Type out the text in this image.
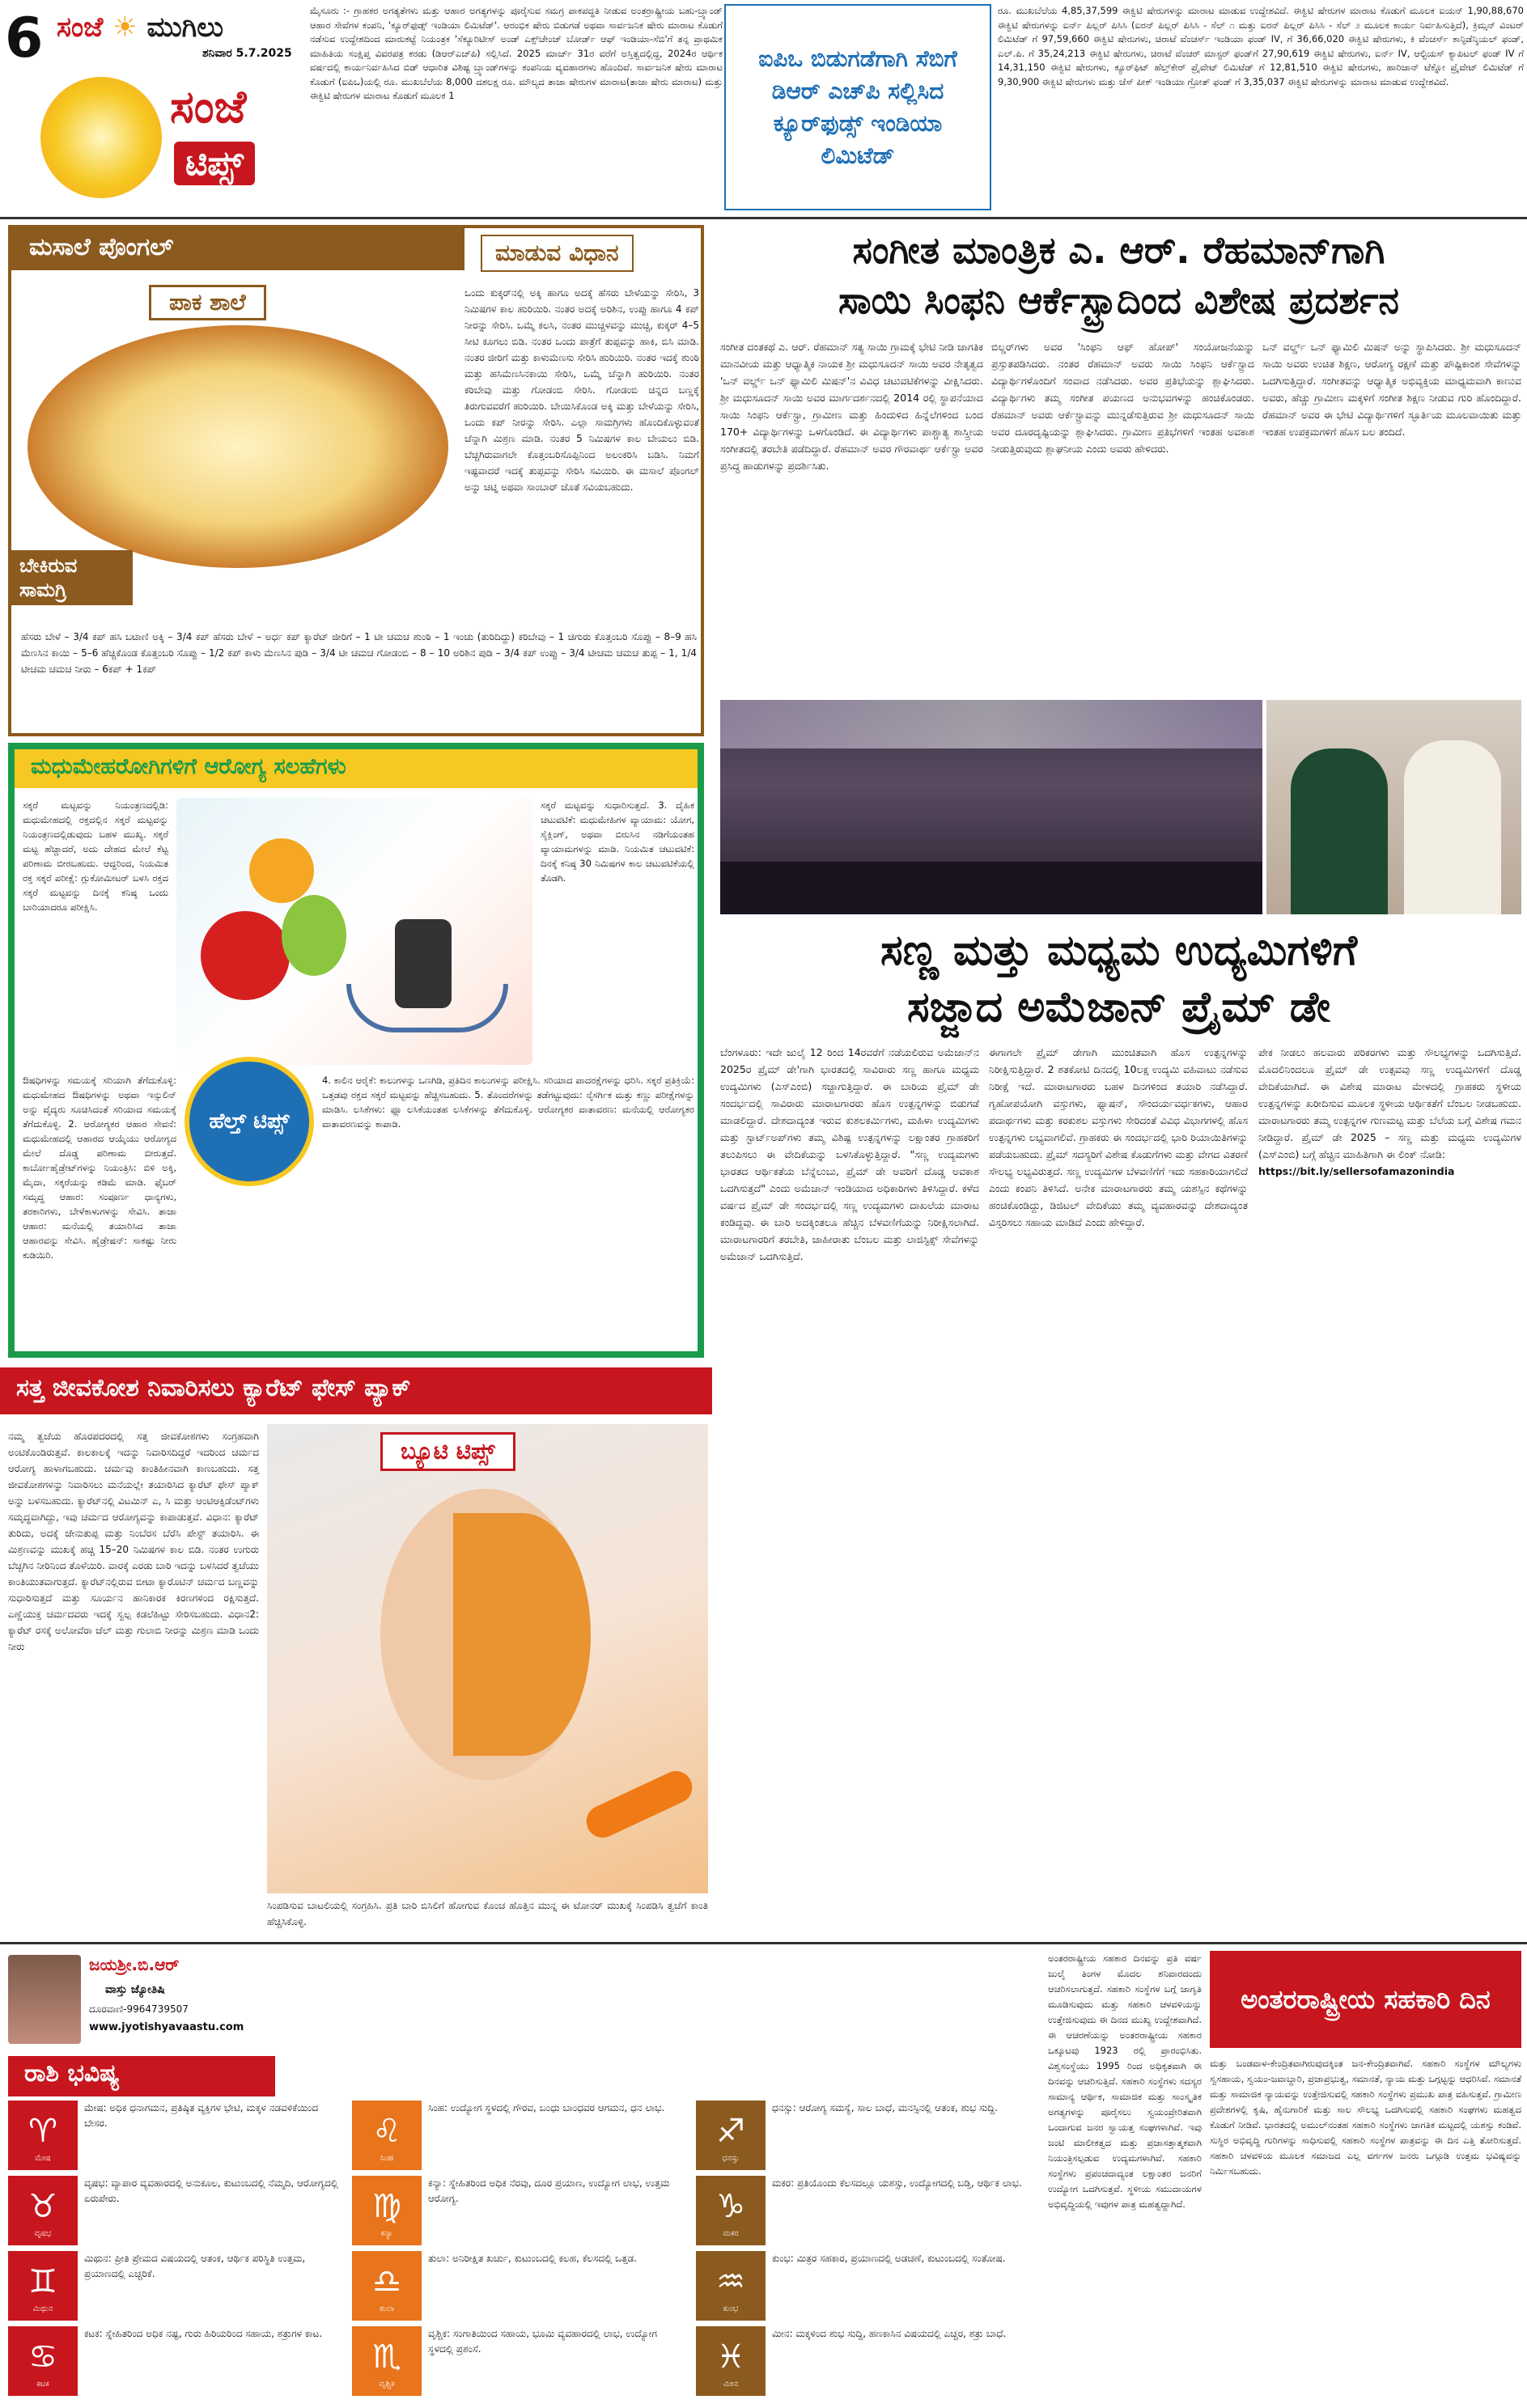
6 ಸಂಜೆ ☀ ಮುಗಿಲು
ಶನಿವಾರ 5.7.2025
ಸಂಜೆ
ಟಿಪ್ಸ್
ಮೈಸೂರು :- ಗ್ರಾಹಕರ ಅಗತ್ಯತೆಗಳು ಮತ್ತು ಆಹಾರ ಅಗತ್ಯಗಳನ್ನು ಪೂರೈಸುವ ಸಮಗ್ರ ಪಾಕಪದ್ಧತಿ ನೀಡುವ ಅಂತರ್ರಾಷ್ಟ್ರೀಯ ಬಹು-ಬ್ರ್ಯಾಂಡ್ ಆಹಾರ ಸೇವೆಗಳ ಕಂಪನಿ, 'ಕ್ಯೂರ್‌ಫುಡ್ಸ್ ಇಂಡಿಯಾ ಲಿಮಿಟೆಡ್'. ಆರಂಭಿಕ ಷೇರು ಬಿಡುಗಡೆ ಅಥವಾ ಸಾರ್ವಜನಿಕ ಷೇರು ಮಾರಾಟ ಕೊಡುಗೆ ನಡೆಸುವ ಉದ್ದೇಶದಿಂದ ಮಾರುಕಟ್ಟೆ ನಿಯಂತ್ರಕ 'ಸೆಕ್ಯೂರಿಟೀಸ್ ಅಂಡ್ ಎಕ್ಸ್‌ಚೇಂಜ್ ಬೋರ್ಡ್ ಆಫ್ ಇಂಡಿಯಾ-ಸೆಬಿ'ಗೆ ತನ್ನ ಪ್ರಾಥಮಿಕ ಮಾಹಿತಿಯ ಸಂಕ್ಷಿಪ್ತ ವಿವರಪತ್ರ ಕರಡು (ಡಿಆರ್‌ಎಚ್‌ಪಿ) ಸಲ್ಲಿಸಿದೆ. 2025 ಮಾರ್ಚ್ 31ರ ವರೆಗೆ ಅಸ್ತಿತ್ವದಲ್ಲಿದ್ದ, 2024ರ ಆರ್ಥಿಕ ವರ್ಷದಲ್ಲಿ ಕಾರ್ಯನಿರ್ವಹಿಸಿದ ಬಿಡ್ ಆಧಾರಿತ ವಿಶಿಷ್ಟ ಬ್ರ್ಯಾಂಡ್‌ಗಳನ್ನು ಕಂಪನಿಯ ವ್ಯವಹಾರಗಳು ಹೊಂದಿವೆ. ಸಾರ್ವಜನಿಕ ಷೇರು ಮಾರಾಟ ಕೊಡುಗೆ (ಐಪಿಒ)ಯಲ್ಲಿ ರೂ. ಮುಖಬೆಲೆಯ 8,000 ದಶಲಕ್ಷ ರೂ. ಮೌಲ್ಯದ ತಾಜಾ ಷೇರುಗಳ ಮಾರಾಟ(ತಾಜಾ ಷೇರು ಮಾರಾಟ) ಮತ್ತು ಈಕ್ವಿಟಿ ಷೇರುಗಳ ಮಾರಾಟ ಕೊಡುಗೆ ಮೂಲಕ 1
ಐಪಿಒ ಬಿಡುಗಡೆಗಾಗಿ ಸೆಬಿಗೆ ಡಿಆರ್ ಎಚ್‌ಪಿ ಸಲ್ಲಿಸಿದ ಕ್ಯೂರ್‌ಫುಡ್ಸ್ ಇಂಡಿಯಾ ಲಿಮಿಟೆಡ್
ರೂ. ಮುಖಬೆಲೆಯ 4,85,37,599 ಈಕ್ವಿಟಿ ಷೇರುಗಳನ್ನು ಮಾರಾಟ ಮಾಡುವ ಉದ್ದೇಶವಿದೆ. ಈಕ್ವಿಟಿ ಷೇರುಗಳ ಮಾರಾಟ ಕೊಡುಗೆ ಮೂಲಕ ಐಯನ್ 1,90,88,670 ಈಕ್ವಿಟಿ ಷೇರುಗಳನ್ನು ಐರ್ನ್ ಪಿಲ್ಲರ್ ಪಿಸಿಸಿ (ಐರನ್ ಪಿಲ್ಲರ್ ಪಿಸಿಸಿ - ಸೆಲ್ ೧ ಮತ್ತು ಐರನ್ ಪಿಲ್ಲರ್ ಪಿಸಿಸಿ - ಸೆಲ್ ೨ ಮೂಲಕ ಕಾರ್ಯ ನಿರ್ವಹಿಸುತ್ತಿದೆ), ಕ್ರಿಮ್ಸನ್ ವಿಂಟರ್ ಲಿಮಿಟೆಡ್ ಗೆ 97,59,660 ಈಕ್ವಿಟಿ ಷೇರುಗಳು, ಚಿರಾಟೆ ವೆಂಚರ್ಸ್ ಇಂಡಿಯಾ ಫಂಡ್ IV, ಗೆ 36,66,020 ಈಕ್ವಿಟಿ ಷೇರುಗಳು, ಕಿ ವೆಂಚರ್ಸ್ ಕಾನ್ಫಿಡೆನ್ಶಿಯಲ್ ಫಂಡ್, ಎಲ್.ಪಿ. ಗೆ 35,24,213 ಈಕ್ವಿಟಿ ಷೇರುಗಳು, ಚಿರಾಟೆ ವೆಂಚರ್ ಮಾಸ್ಟರ್ ಫಂಡ್‌ಗೆ 27,90,619 ಈಕ್ವಿಟಿ ಷೇರುಗಳು, ಐರ್ನ್ IV, ಆಲ್ಟಿಯಸ್ ಕ್ಯಾಪಿಟಲ್ ಫಂಡ್ IV ಗೆ 14,31,150 ಈಕ್ವಿಟಿ ಷೇರುಗಳು, ಕ್ಯೂರ್‌ಫಿಟ್ ಹೆಲ್ತ್‌ಕೇರ್ ಪ್ರೈವೇಟ್ ಲಿಮಿಟೆಡ್ ಗೆ 12,81,510 ಈಕ್ವಿಟಿ ಷೇರುಗಳು, ಹಾರಿಜಾನ್ ಟೆಕ್ನೋ ಪ್ರೈವೇಟ್ ಲಿಮಿಟೆಡ್ ಗೆ 9,30,900 ಈಕ್ವಿಟಿ ಷೇರುಗಳು ಮತ್ತು ಜೆಸ್ ಪೀಕ್ ಇಂಡಿಯಾ ಗ್ರೋತ್ ಫಂಡ್ ಗೆ 3,35,037 ಈಕ್ವಿಟಿ ಷೇರುಗಳನ್ನು ಮಾರಾಟ ಮಾಡುವ ಉದ್ದೇಶವಿದೆ.
ಮಸಾಲೆ ಪೊಂಗಲ್	ಮಾಡುವ ವಿಧಾನ
ಪಾಕ ಶಾಲೆ
ಬೇಕಿರುವ ಸಾಮಗ್ರಿ
ಒಂದು ಕುಕ್ಕರ್‌ನಲ್ಲಿ ಅಕ್ಕಿ ಹಾಗೂ ಅದಕ್ಕೆ ಹೆಸರು ಬೇಳೆಯನ್ನು ಸೇರಿಸಿ, 3 ನಿಮಿಷಗಳ ಕಾಲ ಹುರಿಯಿರಿ. ನಂತರ ಅದಕ್ಕೆ ಅರಿಶಿನ, ಉಪ್ಪು ಹಾಗೂ 4 ಕಪ್ ನೀರನ್ನು ಸೇರಿಸಿ. ಒಮ್ಮೆ ಕಲಸಿ, ನಂತರ ಮುಚ್ಚಳವನ್ನು ಮುಚ್ಚಿ, ಕುಕ್ಕರ್ 4–5 ಸೀಟಿ ಕೂಗಲು ಬಿಡಿ. ನಂತರ ಒಂದು ಪಾತ್ರೆಗೆ ತುಪ್ಪವನ್ನು ಹಾಕಿ, ಬಿಸಿ ಮಾಡಿ. ನಂತರ ಜೀರಿಗೆ ಮತ್ತು ಕಾಳುಮೆಣಸು ಸೇರಿಸಿ ಹುರಿಯಿರಿ. ನಂತರ ಇದಕ್ಕೆ ಶುಂಠಿ ಮತ್ತು ಹಸಿಮೆಣಸಿನಕಾಯಿ ಸೇರಿಸಿ, ಒಮ್ಮೆ ಚೆನ್ನಾಗಿ ಹುರಿಯಿರಿ. ನಂತರ ಕರಿಬೇವು ಮತ್ತು ಗೋಡಂಬಿ ಸೇರಿಸಿ. ಗೋಡಂಬಿ ಚಿನ್ನದ ಬಣ್ಣಕ್ಕೆ ತಿರುಗುವವರೆಗೆ ಹುರಿಯಿರಿ. ಬೇಯಿಸಿಕೊಂಡ ಅಕ್ಕಿ ಮತ್ತು ಬೇಳೆಯನ್ನು ಸೇರಿಸಿ, ಒಂದು ಕಪ್ ನೀರನ್ನು ಸೇರಿಸಿ. ಎಲ್ಲಾ ಸಾಮಗ್ರಿಗಳು ಹೊಂದಿಕೊಳ್ಳುವಂತೆ ಚೆನ್ನಾಗಿ ಮಿಶ್ರಣ ಮಾಡಿ. ನಂತರ 5 ನಿಮಿಷಗಳ ಕಾಲ ಬೇಯಲು ಬಿಡಿ. ಬೆಚ್ಚಗಿರುವಾಗಲೇ ಕೊತ್ತಂಬರಿಸೊಪ್ಪಿನಿಂದ ಅಲಂಕರಿಸಿ ಬಡಿಸಿ. ನಿಮಗೆ ಇಷ್ಟವಾದರೆ ಇದಕ್ಕೆ ತುಪ್ಪವನ್ನು ಸೇರಿಸಿ ಸವಿಯಿರಿ. ಈ ಮಸಾಲೆ ಪೊಂಗಲ್ ಅನ್ನು ಚಟ್ನಿ ಅಥವಾ ಸಾಂಬಾರ್ ಜೊತೆ ಸವಿಯಬಹುದು.
ಹೆಸರು ಬೇಳೆ – 3/4 ಕಪ್ ಹಸಿ ಬಟಾಣಿ ಅಕ್ಕಿ – 3/4 ಕಪ್ ಹೆಸರು ಬೇಳೆ – ಅರ್ಧ ಕಪ್ ಕ್ಯಾರೆಟ್ ಜೀರಿಗೆ – 1 ಟೀ ಚಮಚ ಶುಂಠಿ – 1 ಇಂಚು (ತುರಿದಿದ್ದು) ಕರಿಬೇವು – 1 ಚಿಗುರು ಕೊತ್ತಂಬರಿ ಸೊಪ್ಪು – 8–9 ಹಸಿ ಮೆಣಸಿನ ಕಾಯಿ – 5–6 ಹೆಚ್ಚಿಕೊಂಡ ಕೊತ್ತಂಬರಿ ಸೊಪ್ಪು – 1/2 ಕಪ್ ಕಾಳು ಮೆಣಸಿನ ಪುಡಿ – 3/4 ಟೀ ಚಮಚ ಗೋಡಂಬಿ – 8 – 10 ಅರಿಶಿನ ಪುಡಿ – 3/4 ಕಪ್ ಉಪ್ಪು – 3/4 ಟೀಚಮ ಚಮಚ ತುಪ್ಪ – 1, 1/4 ಟೀಚಮ ಚಮಚ ನೀರು – 6ಕಪ್ + 1ಕಪ್
ಮಧುಮೇಹರೋಗಿಗಳಿಗೆ ಆರೋಗ್ಯ ಸಲಹೆಗಳು
ಸಕ್ಕರೆ ಮಟ್ಟವನ್ನು ನಿಯಂತ್ರಣದಲ್ಲಿಡಿ: ಮಧುಮೇಹದಲ್ಲಿ ರಕ್ತದಲ್ಲಿನ ಸಕ್ಕರೆ ಮಟ್ಟವನ್ನು ನಿಯಂತ್ರಣದಲ್ಲಿಡುವುದು ಬಹಳ ಮುಖ್ಯ. ಸಕ್ಕರೆ ಮಟ್ಟ ಹೆಚ್ಚಾದರೆ, ಅದು ದೇಹದ ಮೇಲೆ ಕೆಟ್ಟ ಪರಿಣಾಮ ಬೀರಬಹುದು. ಆದ್ದರಿಂದ, ನಿಯಮಿತ ರಕ್ತ ಸಕ್ಕರೆ ಪರೀಕ್ಷೆ: ಗ್ಲುಕೋಮೀಟರ್ ಬಳಸಿ ರಕ್ತದ ಸಕ್ಕರೆ ಮಟ್ಟವನ್ನು ದಿನಕ್ಕೆ ಕನಿಷ್ಠ ಒಂದು ಬಾರಿಯಾದರೂ ಪರೀಕ್ಷಿಸಿ.
ಸಕ್ಕರೆ ಮಟ್ಟವನ್ನು ಸುಧಾರಿಸುತ್ತದೆ. 3. ದೈಹಿಕ ಚಟುವಟಿಕೆ: ಮಧುಮೇಹಿಗಳ ವ್ಯಾಯಾಮ: ಯೋಗ, ಸೈಕ್ಲಿಂಗ್, ಅಥವಾ ಬಿರುಸಿನ ನಡಿಗೆಯಂತಹ ವ್ಯಾಯಾಮಗಳನ್ನು ಮಾಡಿ. ನಿಯಮಿತ ಚಟುವಟಿಕೆ: ದಿನಕ್ಕೆ ಕನಿಷ್ಠ 30 ನಿಮಿಷಗಳ ಕಾಲ ಚಟುವಟಿಕೆಯಲ್ಲಿ ತೊಡಗಿ.
ಹೆಲ್ತ್ ಟಿಪ್ಸ್
ಔಷಧಿಗಳನ್ನು ಸಮಯಕ್ಕೆ ಸರಿಯಾಗಿ ತೆಗೆದುಕೊಳ್ಳಿ: ಮಧುಮೇಹದ ಔಷಧಿಗಳನ್ನು ಅಥವಾ ಇನ್ಸುಲಿನ್ ಅನ್ನು ವೈದ್ಯರು ಸೂಚಿಸಿದಂತೆ ಸರಿಯಾದ ಸಮಯಕ್ಕೆ ತೆಗೆದುಕೊಳ್ಳಿ. 2. ಆರೋಗ್ಯಕರ ಆಹಾರ ಸೇವನೆ: ಮಧುಮೇಹದಲ್ಲಿ ಆಹಾರದ ಆಯ್ಕೆಯು ಆರೋಗ್ಯದ ಮೇಲೆ ದೊಡ್ಡ ಪರಿಣಾಮ ಬೀರುತ್ತದೆ. ಕಾರ್ಬೋಹೈಡ್ರೇಟ್‌ಗಳನ್ನು ನಿಯಂತ್ರಿಸಿ: ಬಿಳಿ ಅಕ್ಕಿ, ಮೈದಾ, ಸಕ್ಕರೆಯನ್ನು ಕಡಿಮೆ ಮಾಡಿ. ಫೈಬರ್ ಸಮೃದ್ಧ ಆಹಾರ: ಸಂಪೂರ್ಣ ಧಾನ್ಯಗಳು, ತರಕಾರಿಗಳು, ಬೇಳೆಕಾಳುಗಳನ್ನು ಸೇವಿಸಿ. ತಾಜಾ ಆಹಾರ: ಮನೆಯಲ್ಲಿ ತಯಾರಿಸಿದ ತಾಜಾ ಆಹಾರವನ್ನು ಸೇವಿಸಿ. ಹೈಡ್ರೇಷನ್: ಸಾಕಷ್ಟು ನೀರು ಕುಡಿಯಿರಿ.
4. ಕಾಲಿನ ಆರೈಕೆ: ಕಾಲುಗಳನ್ನು ಒಣಗಿಡಿ, ಪ್ರತಿದಿನ ಕಾಲುಗಳನ್ನು ಪರೀಕ್ಷಿಸಿ. ಸರಿಯಾದ ಪಾದರಕ್ಷೆಗಳನ್ನು ಧರಿಸಿ. ಸಕ್ಕರೆ ಪ್ರತಿಕ್ರಿಯೆ: ಒತ್ತಡವು ರಕ್ತದ ಸಕ್ಕರೆ ಮಟ್ಟವನ್ನು ಹೆಚ್ಚಿಸಬಹುದು. 5. ತೊಂದರೆಗಳನ್ನು ತಡೆಗಟ್ಟುವುದು: ನೈಸರ್ಗಿಕ ಮತ್ತು ಕಣ್ಣು ಪರೀಕ್ಷೆಗಳನ್ನು ಮಾಡಿಸಿ. ಲಸಿಕೆಗಳು: ಫ್ಲೂ ಲಸಿಕೆಯಂತಹ ಲಸಿಕೆಗಳನ್ನು ತೆಗೆದುಕೊಳ್ಳಿ. ಆರೋಗ್ಯಕರ ವಾತಾವರಣ: ಮನೆಯಲ್ಲಿ ಆರೋಗ್ಯಕರ ವಾತಾವರಣವನ್ನು ಕಾಪಾಡಿ.
ಸತ್ತ ಜೀವಕೋಶ ನಿವಾರಿಸಲು ಕ್ಯಾರೆಟ್ ಫೇಸ್ ಪ್ಯಾಕ್
ನಮ್ಮ ತ್ವಚೆಯ ಹೊರಪದರದಲ್ಲಿ ಸತ್ತ ಜೀವಕೋಶಗಳು ಸಂಗ್ರಹವಾಗಿ ಅಂಟಿಕೊಂಡಿರುತ್ತವೆ. ಕಾಲಕಾಲಕ್ಕೆ ಇದನ್ನು ನಿವಾರಿಸದಿದ್ದರೆ ಇದರಿಂದ ಚರ್ಮದ ಆರೋಗ್ಯ ಹಾಳಾಗಬಹುದು. ಚರ್ಮವು ಕಾಂತಿಹೀನವಾಗಿ ಕಾಣಬಹುದು. ಸತ್ತ ಜೀವಕೋಶಗಳನ್ನು ನಿವಾರಿಸಲು ಮನೆಯಲ್ಲೇ ತಯಾರಿಸಿದ ಕ್ಯಾರೆಟ್ ಫೇಸ್ ಪ್ಯಾಕ್ ಅನ್ನು ಬಳಸಬಹುದು. ಕ್ಯಾರೆಟ್‌ನಲ್ಲಿ ವಿಟಮಿನ್ ಎ, ಸಿ ಮತ್ತು ಆಂಟಿಆಕ್ಸಿಡೆಂಟ್‌ಗಳು ಸಮೃದ್ಧವಾಗಿದ್ದು, ಇವು ಚರ್ಮದ ಆರೋಗ್ಯವನ್ನು ಕಾಪಾಡುತ್ತವೆ. ವಿಧಾನ: ಕ್ಯಾರೆಟ್ ತುರಿದು, ಅದಕ್ಕೆ ಜೇನುತುಪ್ಪ ಮತ್ತು ನಿಂಬೆರಸ ಬೆರೆಸಿ ಪೇಸ್ಟ್ ತಯಾರಿಸಿ. ಈ ಮಿಶ್ರಣವನ್ನು ಮುಖಕ್ಕೆ ಹಚ್ಚಿ 15–20 ನಿಮಿಷಗಳ ಕಾಲ ಬಿಡಿ. ನಂತರ ಉಗುರು ಬೆಚ್ಚಗಿನ ನೀರಿನಿಂದ ತೊಳೆಯಿರಿ. ವಾರಕ್ಕೆ ಎರಡು ಬಾರಿ ಇದನ್ನು ಬಳಸಿದರೆ ತ್ವಚೆಯು ಕಾಂತಿಯುತವಾಗುತ್ತದೆ. ಕ್ಯಾರೆಟ್‌ನಲ್ಲಿರುವ ಬೀಟಾ ಕ್ಯಾರೊಟಿನ್ ಚರ್ಮದ ಬಣ್ಣವನ್ನು ಸುಧಾರಿಸುತ್ತದೆ ಮತ್ತು ಸೂರ್ಯನ ಹಾನಿಕಾರಕ ಕಿರಣಗಳಿಂದ ರಕ್ಷಿಸುತ್ತದೆ. ಎಣ್ಣೆಯುಕ್ತ ಚರ್ಮದವರು ಇದಕ್ಕೆ ಸ್ವಲ್ಪ ಕಡಲೆಹಿಟ್ಟು ಸೇರಿಸಬಹುದು. ವಿಧಾನ2: ಕ್ಯಾರೆಟ್ ರಸಕ್ಕೆ ಅಲೋವೆರಾ ಜೆಲ್ ಮತ್ತು ಗುಲಾಬಿ ನೀರನ್ನು ಮಿಶ್ರಣ ಮಾಡಿ ಒಂದು ನೀರು
ಬ್ಯೂಟಿ ಟಿಪ್ಸ್
ಸಿಂಪಡಿಸುವ ಬಾಟಲಿಯಲ್ಲಿ ಸಂಗ್ರಹಿಸಿ. ಪ್ರತಿ ಬಾರಿ ಬಿಸಿಲಿಗೆ ಹೋಗುವ ಕೊಂಚ ಹೊತ್ತಿನ ಮುನ್ನ ಈ ಟೋನರ್ ಮುಖಕ್ಕೆ ಸಿಂಪಡಿಸಿ ತ್ವಚೆಗೆ ಕಾಂತಿ ಹೆಚ್ಚಿಸಿಕೊಳ್ಳಿ.
ಸಂಗೀತ ಮಾಂತ್ರಿಕ ಎ. ಆರ್. ರೆಹಮಾನ್‌ಗಾಗಿ
ಸಾಯಿ ಸಿಂಫನಿ ಆರ್ಕೆಸ್ಟ್ರಾದಿಂದ ವಿಶೇಷ ಪ್ರದರ್ಶನ
ಸಂಗೀತ ದಂತಕಥೆ ಎ. ಆರ್. ರೆಹಮಾನ್ ಸತ್ಯ ಸಾಯಿ ಗ್ರಾಮಕ್ಕೆ ಭೇಟಿ ನೀಡಿ ಜಾಗತಿಕ ಮಾನವೀಯ ಮತ್ತು ಆಧ್ಯಾತ್ಮಿಕ ನಾಯಕ ಶ್ರೀ ಮಧುಸೂದನ್ ಸಾಯಿ ಅವರ ನೇತೃತ್ವದ 'ಒನ್ ವರ್ಲ್ಡ್ ಒನ್ ಫ್ಯಾಮಿಲಿ ಮಿಷನ್'ನ ವಿವಿಧ ಚಟುವಟಿಕೆಗಳನ್ನು ವೀಕ್ಷಿಸಿದರು. ಶ್ರೀ ಮಧುಸೂದನ್ ಸಾಯಿ ಅವರ ಮಾರ್ಗದರ್ಶನದಲ್ಲಿ 2014 ರಲ್ಲಿ ಸ್ಥಾಪನೆಯಾದ ಸಾಯಿ ಸಿಂಫನಿ ಆರ್ಕೆಸ್ಟ್ರಾ, ಗ್ರಾಮೀಣ ಮತ್ತು ಹಿಂದುಳಿದ ಹಿನ್ನೆಲೆಗಳಿಂದ ಬಂದ 170+ ವಿದ್ಯಾರ್ಥಿಗಳನ್ನು ಒಳಗೊಂಡಿದೆ. ಈ ವಿದ್ಯಾರ್ಥಿಗಳು ಪಾಶ್ಚಾತ್ಯ ಶಾಸ್ತ್ರೀಯ ಸಂಗೀತದಲ್ಲಿ ತರಬೇತಿ ಪಡೆದಿದ್ದಾರೆ. ರೆಹಮಾನ್ ಅವರ ಗೌರವಾರ್ಥ ಆರ್ಕೆಸ್ಟ್ರಾ ಅವರ ಪ್ರಸಿದ್ಧ ಹಾಡುಗಳನ್ನು ಪ್ರದರ್ಶಿಸಿತು.
ಬಿಲ್ಡರ್‌ಗಳು ಅವರ 'ಸಿಂಫನಿ ಆಫ್ ಹೋಪ್' ಸಂಯೋಜನೆಯನ್ನು ಪ್ರಸ್ತುತಪಡಿಸಿದರು. ನಂತರ ರೆಹಮಾನ್ ಅವರು ಸಾಯಿ ಸಿಂಫನಿ ಆರ್ಕೆಸ್ಟ್ರಾದ ವಿದ್ಯಾರ್ಥಿಗಳೊಂದಿಗೆ ಸಂವಾದ ನಡೆಸಿದರು. ಅವರ ಪ್ರತಿಭೆಯನ್ನು ಶ್ಲಾಘಿಸಿದರು. ವಿದ್ಯಾರ್ಥಿಗಳು ತಮ್ಮ ಸಂಗೀತ ಪಯಣದ ಅನುಭವಗಳನ್ನು ಹಂಚಿಕೊಂಡರು. ರೆಹಮಾನ್ ಅವರು ಆರ್ಕೆಸ್ಟ್ರಾವನ್ನು ಮುನ್ನಡೆಸುತ್ತಿರುವ ಶ್ರೀ ಮಧುಸೂದನ್ ಸಾಯಿ ಅವರ ದೂರದೃಷ್ಟಿಯನ್ನು ಶ್ಲಾಘಿಸಿದರು. ಗ್ರಾಮೀಣ ಪ್ರತಿಭೆಗಳಿಗೆ ಇಂತಹ ಅವಕಾಶ ನೀಡುತ್ತಿರುವುದು ಶ್ಲಾಘನೀಯ ಎಂದು ಅವರು ಹೇಳಿದರು.
ಒನ್ ವರ್ಲ್ಡ್ ಒನ್ ಫ್ಯಾಮಿಲಿ ಮಿಷನ್ ಅನ್ನು ಸ್ಥಾಪಿಸಿದರು. ಶ್ರೀ ಮಧುಸೂದನ್ ಸಾಯಿ ಅವರು ಉಚಿತ ಶಿಕ್ಷಣ, ಆರೋಗ್ಯ ರಕ್ಷಣೆ ಮತ್ತು ಪೌಷ್ಟಿಕಾಂಶ ಸೇವೆಗಳನ್ನು ಒದಗಿಸುತ್ತಿದ್ದಾರೆ. ಸಂಗೀತವನ್ನು ಆಧ್ಯಾತ್ಮಿಕ ಅಭಿವ್ಯಕ್ತಿಯ ಮಾಧ್ಯಮವಾಗಿ ಕಾಣುವ ಅವರು, ಹೆಚ್ಚು ಗ್ರಾಮೀಣ ಮಕ್ಕಳಿಗೆ ಸಂಗೀತ ಶಿಕ್ಷಣ ನೀಡುವ ಗುರಿ ಹೊಂದಿದ್ದಾರೆ. ರೆಹಮಾನ್ ಅವರ ಈ ಭೇಟಿ ವಿದ್ಯಾರ್ಥಿಗಳಿಗೆ ಸ್ಫೂರ್ತಿಯ ಮೂಲವಾಯಿತು ಮತ್ತು ಇಂತಹ ಉಪಕ್ರಮಗಳಿಗೆ ಹೊಸ ಬಲ ತಂದಿದೆ.
ಸಣ್ಣ ಮತ್ತು ಮಧ್ಯಮ ಉದ್ಯಮಿಗಳಿಗೆ
ಸಜ್ಜಾದ ಅಮೆಜಾನ್ ಪ್ರೈಮ್ ಡೇ
ಬೆಂಗಳೂರು: ಇದೇ ಜುಲೈ 12 ರಿಂದ 14ರವರೆಗೆ ನಡೆಯಲಿರುವ ಅಮೆಜಾನ್‌ನ 2025ರ ಪ್ರೈಮ್ ಡೇ'ಗಾಗಿ ಭಾರತದಲ್ಲಿ ಸಾವಿರಾರು ಸಣ್ಣ ಹಾಗೂ ಮಧ್ಯಮ ಉದ್ಯಮಿಗಳು (ಎಸ್‌ಎಂಬಿ) ಸಜ್ಜಾಗುತ್ತಿದ್ದಾರೆ. ಈ ಬಾರಿಯ ಪ್ರೈಮ್ ಡೇ ಸಂದರ್ಭದಲ್ಲಿ ಸಾವಿರಾರು ಮಾರಾಟಗಾರರು ಹೊಸ ಉತ್ಪನ್ನಗಳನ್ನು ಬಿಡುಗಡೆ ಮಾಡಲಿದ್ದಾರೆ. ದೇಶದಾದ್ಯಂತ ಇರುವ ಕುಶಲಕರ್ಮಿಗಳು, ಮಹಿಳಾ ಉದ್ಯಮಿಗಳು ಮತ್ತು ಸ್ಟಾರ್ಟ್‌ಅಪ್‌ಗಳು ತಮ್ಮ ವಿಶಿಷ್ಟ ಉತ್ಪನ್ನಗಳನ್ನು ಲಕ್ಷಾಂತರ ಗ್ರಾಹಕರಿಗೆ ತಲುಪಿಸಲು ಈ ವೇದಿಕೆಯನ್ನು ಬಳಸಿಕೊಳ್ಳುತ್ತಿದ್ದಾರೆ. "ಸಣ್ಣ ಉದ್ಯಮಗಳು ಭಾರತದ ಆರ್ಥಿಕತೆಯ ಬೆನ್ನೆಲುಬು, ಪ್ರೈಮ್ ಡೇ ಅವರಿಗೆ ದೊಡ್ಡ ಅವಕಾಶ ಒದಗಿಸುತ್ತದೆ" ಎಂದು ಅಮೆಜಾನ್ ಇಂಡಿಯಾದ ಅಧಿಕಾರಿಗಳು ತಿಳಿಸಿದ್ದಾರೆ. ಕಳೆದ ವರ್ಷದ ಪ್ರೈಮ್ ಡೇ ಸಂದರ್ಭದಲ್ಲಿ ಸಣ್ಣ ಉದ್ಯಮಗಳು ದಾಖಲೆಯ ಮಾರಾಟ ಕಂಡಿದ್ದವು. ಈ ಬಾರಿ ಅದಕ್ಕಿಂತಲೂ ಹೆಚ್ಚಿನ ಬೆಳವಣಿಗೆಯನ್ನು ನಿರೀಕ್ಷಿಸಲಾಗಿದೆ. ಮಾರಾಟಗಾರರಿಗೆ ತರಬೇತಿ, ಜಾಹೀರಾತು ಬೆಂಬಲ ಮತ್ತು ಲಾಜಿಸ್ಟಿಕ್ಸ್ ಸೇವೆಗಳನ್ನು ಅಮೆಜಾನ್ ಒದಗಿಸುತ್ತಿದೆ.
ಈಗಾಗಲೇ ಪ್ರೈಮ್ ಡೇಗಾಗಿ ಮುಂಚಿತವಾಗಿ ಹೊಸ ಉತ್ಪನ್ನಗಳನ್ನು ನಿರೀಕ್ಷಿಸುತ್ತಿದ್ದಾರೆ. 2 ಶತಕೋಟಿ ದಿನದಲ್ಲಿ 10ಲಕ್ಷ ಉದ್ಯಮಿ ವಹಿವಾಟು ನಡೆಸುವ ನಿರೀಕ್ಷೆ ಇದೆ. ಮಾರಾಟಗಾರರು ಬಹಳ ದಿನಗಳಿಂದ ತಯಾರಿ ನಡೆಸಿದ್ದಾರೆ. ಗೃಹೋಪಯೋಗಿ ವಸ್ತುಗಳು, ಫ್ಯಾಷನ್, ಸೌಂದರ್ಯವರ್ಧಕಗಳು, ಆಹಾರ ಪದಾರ್ಥಗಳು ಮತ್ತು ಕರಕುಶಲ ವಸ್ತುಗಳು ಸೇರಿದಂತೆ ವಿವಿಧ ವಿಭಾಗಗಳಲ್ಲಿ ಹೊಸ ಉತ್ಪನ್ನಗಳು ಲಭ್ಯವಾಗಲಿವೆ. ಗ್ರಾಹಕರು ಈ ಸಂದರ್ಭದಲ್ಲಿ ಭಾರಿ ರಿಯಾಯಿತಿಗಳನ್ನು ಪಡೆಯಬಹುದು. ಪ್ರೈಮ್ ಸದಸ್ಯರಿಗೆ ವಿಶೇಷ ಕೊಡುಗೆಗಳು ಮತ್ತು ವೇಗದ ವಿತರಣೆ ಸೌಲಭ್ಯ ಲಭ್ಯವಿರುತ್ತದೆ. ಸಣ್ಣ ಉದ್ಯಮಿಗಳ ಬೆಳವಣಿಗೆಗೆ ಇದು ಸಹಕಾರಿಯಾಗಲಿದೆ ಎಂದು ಕಂಪನಿ ತಿಳಿಸಿದೆ. ಅನೇಕ ಮಾರಾಟಗಾರರು ತಮ್ಮ ಯಶಸ್ಸಿನ ಕಥೆಗಳನ್ನು ಹಂಚಿಕೊಂಡಿದ್ದು, ಡಿಜಿಟಲ್ ವೇದಿಕೆಯು ತಮ್ಮ ವ್ಯವಹಾರವನ್ನು ದೇಶದಾದ್ಯಂತ ವಿಸ್ತರಿಸಲು ಸಹಾಯ ಮಾಡಿದೆ ಎಂದು ಹೇಳಿದ್ದಾರೆ.
ಪೇಕ ನೀಡಲು ಹಲವಾರು ಪರಿಕರಗಳು ಮತ್ತು ಸೌಲಭ್ಯಗಳನ್ನು ಒದಗಿಸುತ್ತಿದೆ. ಮೊದಲಿನಿಂದಲೂ ಪ್ರೈಮ್ ಡೇ ಉತ್ಸವವು ಸಣ್ಣ ಉದ್ಯಮಿಗಳಿಗೆ ದೊಡ್ಡ ವೇದಿಕೆಯಾಗಿದೆ. ಈ ವಿಶೇಷ ಮಾರಾಟ ಮೇಳದಲ್ಲಿ ಗ್ರಾಹಕರು ಸ್ಥಳೀಯ ಉತ್ಪನ್ನಗಳನ್ನು ಖರೀದಿಸುವ ಮೂಲಕ ಸ್ಥಳೀಯ ಆರ್ಥಿಕತೆಗೆ ಬೆಂಬಲ ನೀಡಬಹುದು. ಮಾರಾಟಗಾರರು ತಮ್ಮ ಉತ್ಪನ್ನಗಳ ಗುಣಮಟ್ಟ ಮತ್ತು ಬೆಲೆಯ ಬಗ್ಗೆ ವಿಶೇಷ ಗಮನ ನೀಡಿದ್ದಾರೆ. ಪ್ರೈಮ್ ಡೇ 2025 – ಸಣ್ಣ ಮತ್ತು ಮಧ್ಯಮ ಉದ್ಯಮಿಗಳ (ಎಸ್‌ಎಂಬಿ) ಬಗ್ಗೆ ಹೆಚ್ಚಿನ ಮಾಹಿತಿಗಾಗಿ ಈ ಲಿಂಕ್ ನೋಡಿ:
https://bit.ly/sellersofamazonindia
ಜಯಶ್ರೀ.ಬಿ.ಆರ್
ವಾಸ್ತು ಜ್ಯೋತಿಷಿ
ದೂರವಾಣಿ-9964739507
www.jyotishyavaastu.com
ರಾಶಿ ಭವಿಷ್ಯ
♈
ಮೇಷ
ಮೇಷ: ಅಧಿಕ ಧನಾಗಮನ, ಪ್ರತಿಷ್ಠಿತ ವ್ಯಕ್ತಿಗಳ ಭೇಟಿ, ಮಕ್ಕಳ ನಡವಳಿಕೆಯಿಂದ ಬೇಸರ.
♉
ವೃಷಭ
ವೃಷಭ: ವ್ಯಾಪಾರ ವ್ಯವಹಾರದಲ್ಲಿ ಅನುಕೂಲ, ಕುಟುಂಬದಲ್ಲಿ ನೆಮ್ಮದಿ, ಆರೋಗ್ಯದಲ್ಲಿ ಏರುಪೇರು.
♊
ಮಿಥುನ
ಮಿಥುನ: ಪ್ರೀತಿ ಪ್ರೇಮದ ವಿಷಯದಲ್ಲಿ ಆತಂಕ, ಆರ್ಥಿಕ ಪರಿಸ್ಥಿತಿ ಉತ್ತಮ, ಪ್ರಯಾಣದಲ್ಲಿ ಎಚ್ಚರಿಕೆ.
♋
ಕಟಕ
ಕಟಕ: ಸ್ನೇಹಿತರಿಂದ ಅಧಿಕ ನಷ್ಟ, ಗುರು ಹಿರಿಯರಿಂದ ಸಹಾಯ, ಶತ್ರುಗಳ ಕಾಟ.
♌
ಸಿಂಹ
ಸಿಂಹ: ಉದ್ಯೋಗ ಸ್ಥಳದಲ್ಲಿ ಗೌರವ, ಬಂಧು ಬಾಂಧವರ ಆಗಮನ, ಧನ ಲಾಭ.
♍
ಕನ್ಯಾ
ಕನ್ಯಾ: ಸ್ನೇಹಿತರಿಂದ ಅಧಿಕ ನೆರವು, ದೂರ ಪ್ರಯಾಣ, ಉದ್ಯೋಗ ಲಾಭ, ಉತ್ತಮ ಆರೋಗ್ಯ.
♎
ತುಲಾ
ತುಲಾ: ಅನಿರೀಕ್ಷಿತ ಖರ್ಚು, ಕುಟುಂಬದಲ್ಲಿ ಕಲಹ, ಕೆಲಸದಲ್ಲಿ ಒತ್ತಡ.
♏
ವೃಶ್ಚಿಕ
ವೃಶ್ಚಿಕ: ಸಂಗಾತಿಯಿಂದ ಸಹಾಯ, ಭೂಮಿ ವ್ಯವಹಾರದಲ್ಲಿ ಲಾಭ, ಉದ್ಯೋಗ ಸ್ಥಳದಲ್ಲಿ ಪ್ರಶಂಸೆ.
♐
ಧನಸ್ಸು
ಧನಸ್ಸು: ಆರೋಗ್ಯ ಸಮಸ್ಯೆ, ಸಾಲ ಬಾಧೆ, ಮನಸ್ಸಿನಲ್ಲಿ ಆತಂಕ, ಶುಭ ಸುದ್ದಿ.
♑
ಮಕರ
ಮಕರ: ಪ್ರತಿಯೊಂದು ಕೆಲಸದಲ್ಲೂ ಯಶಸ್ಸು, ಉದ್ಯೋಗದಲ್ಲಿ ಬಡ್ತಿ, ಆರ್ಥಿಕ ಲಾಭ.
♒
ಕುಂಭ
ಕುಂಭ: ಮಿತ್ರರ ಸಹಕಾರ, ಪ್ರಯಾಣದಲ್ಲಿ ಅಡಚಣೆ, ಕುಟುಂಬದಲ್ಲಿ ಸಂತೋಷ.
♓
ಮೀನ
ಮೀನ: ಮಕ್ಕಳಿಂದ ಶುಭ ಸುದ್ದಿ, ಹಣಕಾಸಿನ ವಿಷಯದಲ್ಲಿ ಎಚ್ಚರ, ಶತ್ರು ಬಾಧೆ.
ಅಂತರರಾಷ್ಟ್ರೀಯ ಸಹಕಾರಿ ದಿನ
ಅಂತರರಾಷ್ಟ್ರೀಯ ಸಹಕಾರ ದಿನವನ್ನು ಪ್ರತಿ ವರ್ಷ ಜುಲೈ ತಿಂಗಳ ಮೊದಲ ಶನಿವಾರದಂದು ಆಚರಿಸಲಾಗುತ್ತದೆ. ಸಹಕಾರಿ ಸಂಸ್ಥೆಗಳ ಬಗ್ಗೆ ಜಾಗೃತಿ ಮೂಡಿಸುವುದು ಮತ್ತು ಸಹಕಾರಿ ಚಳವಳಿಯನ್ನು ಉತ್ತೇಜಿಸುವುದು ಈ ದಿನದ ಮುಖ್ಯ ಉದ್ದೇಶವಾಗಿದೆ. ಈ ಆಚರಣೆಯನ್ನು ಅಂತರರಾಷ್ಟ್ರೀಯ ಸಹಕಾರ ಒಕ್ಕೂಟವು 1923 ರಲ್ಲಿ ಪ್ರಾರಂಭಿಸಿತು. ವಿಶ್ವಸಂಸ್ಥೆಯು 1995 ರಿಂದ ಅಧಿಕೃತವಾಗಿ ಈ ದಿನವನ್ನು ಆಚರಿಸುತ್ತಿದೆ. ಸಹಕಾರಿ ಸಂಸ್ಥೆಗಳು ಸದಸ್ಯರ ಸಾಮಾನ್ಯ ಆರ್ಥಿಕ, ಸಾಮಾಜಿಕ ಮತ್ತು ಸಾಂಸ್ಕೃತಿಕ ಅಗತ್ಯಗಳನ್ನು ಪೂರೈಸಲು ಸ್ವಯಂಪ್ರೇರಿತವಾಗಿ ಒಂದಾಗುವ ಜನರ ಸ್ವಾಯತ್ತ ಸಂಘಗಳಾಗಿವೆ. ಇವು ಜಂಟಿ ಮಾಲೀಕತ್ವದ ಮತ್ತು ಪ್ರಜಾಸತ್ತಾತ್ಮಕವಾಗಿ ನಿಯಂತ್ರಿಸಲ್ಪಡುವ ಉದ್ಯಮಗಳಾಗಿವೆ. ಸಹಕಾರಿ ಸಂಸ್ಥೆಗಳು ಪ್ರಪಂಚದಾದ್ಯಂತ ಲಕ್ಷಾಂತರ ಜನರಿಗೆ ಉದ್ಯೋಗ ಒದಗಿಸುತ್ತವೆ. ಸ್ಥಳೀಯ ಸಮುದಾಯಗಳ ಅಭಿವೃದ್ಧಿಯಲ್ಲಿ ಇವುಗಳ ಪಾತ್ರ ಮಹತ್ವದ್ದಾಗಿದೆ.
ಮತ್ತು ಬಂಡವಾಳ-ಕೇಂದ್ರಿತವಾಗಿರುವುದಕ್ಕಿಂತ ಜನ-ಕೇಂದ್ರಿತವಾಗಿವೆ. ಸಹಕಾರಿ ಸಂಸ್ಥೆಗಳ ಮೌಲ್ಯಗಳು ಸ್ವಸಹಾಯ, ಸ್ವಯಂ-ಜವಾಬ್ದಾರಿ, ಪ್ರಜಾಪ್ರಭುತ್ವ, ಸಮಾನತೆ, ನ್ಯಾಯ ಮತ್ತು ಒಗ್ಗಟ್ಟನ್ನು ಆಧರಿಸಿವೆ. ಸಮಾನತೆ ಮತ್ತು ಸಾಮಾಜಿಕ ನ್ಯಾಯವನ್ನು ಉತ್ತೇಜಿಸುವಲ್ಲಿ ಸಹಕಾರಿ ಸಂಸ್ಥೆಗಳು ಪ್ರಮುಖ ಪಾತ್ರ ವಹಿಸುತ್ತವೆ. ಗ್ರಾಮೀಣ ಪ್ರದೇಶಗಳಲ್ಲಿ ಕೃಷಿ, ಹೈನುಗಾರಿಕೆ ಮತ್ತು ಸಾಲ ಸೌಲಭ್ಯ ಒದಗಿಸುವಲ್ಲಿ ಸಹಕಾರಿ ಸಂಘಗಳು ಮಹತ್ವದ ಕೊಡುಗೆ ನೀಡಿವೆ. ಭಾರತದಲ್ಲಿ ಅಮುಲ್‌ನಂತಹ ಸಹಕಾರಿ ಸಂಸ್ಥೆಗಳು ಜಾಗತಿಕ ಮಟ್ಟದಲ್ಲಿ ಯಶಸ್ಸು ಕಂಡಿವೆ. ಸುಸ್ಥಿರ ಅಭಿವೃದ್ಧಿ ಗುರಿಗಳನ್ನು ಸಾಧಿಸುವಲ್ಲಿ ಸಹಕಾರಿ ಸಂಸ್ಥೆಗಳ ಪಾತ್ರವನ್ನು ಈ ದಿನ ಎತ್ತಿ ತೋರಿಸುತ್ತದೆ. ಸಹಕಾರಿ ಚಳವಳಿಯ ಮೂಲಕ ಸಮಾಜದ ಎಲ್ಲ ವರ್ಗಗಳ ಜನರು ಒಗ್ಗೂಡಿ ಉತ್ತಮ ಭವಿಷ್ಯವನ್ನು ನಿರ್ಮಿಸಬಹುದು.
